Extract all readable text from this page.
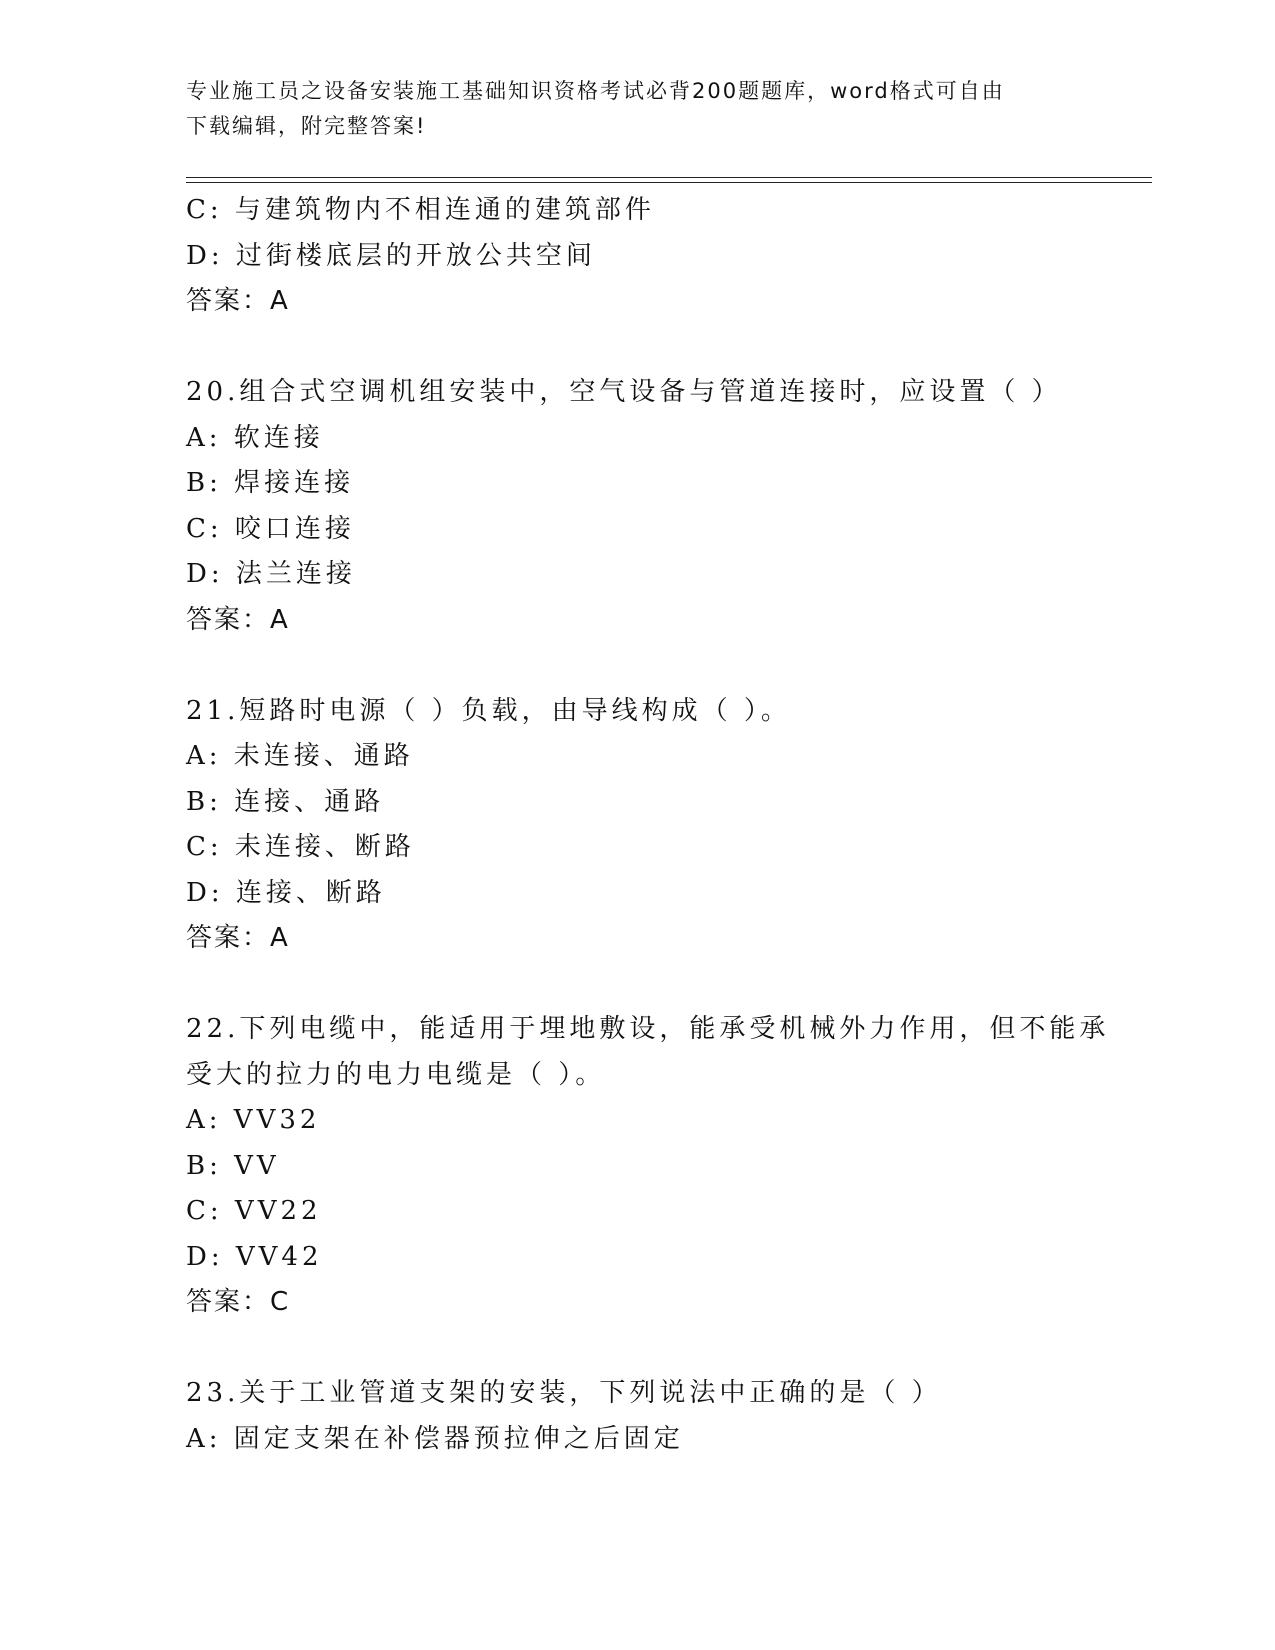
专业施工员之设备安装施工基础知识资格考试必背200题题库，word格式可自由
下载编辑，附完整答案!
C: 与建筑物内不相连通的建筑部件
D: 过街楼底层的开放公共空间
答案：A
20.组合式空调机组安装中，空气设备与管道连接时，应设置（ ）
A: 软连接
B: 焊接连接
C: 咬口连接
D: 法兰连接
答案：A
21.短路时电源（ ）负载，由导线构成（ ）。
A: 未连接、通路
B: 连接、通路
C: 未连接、断路
D: 连接、断路
答案：A
22.下列电缆中，能适用于埋地敷设，能承受机械外力作用，但不能承
受大的拉力的电力电缆是（ ）。
A: VV32
B: VV
C: VV22
D: VV42
答案：C
23.关于工业管道支架的安装，下列说法中正确的是（ ）
A: 固定支架在补偿器预拉伸之后固定
